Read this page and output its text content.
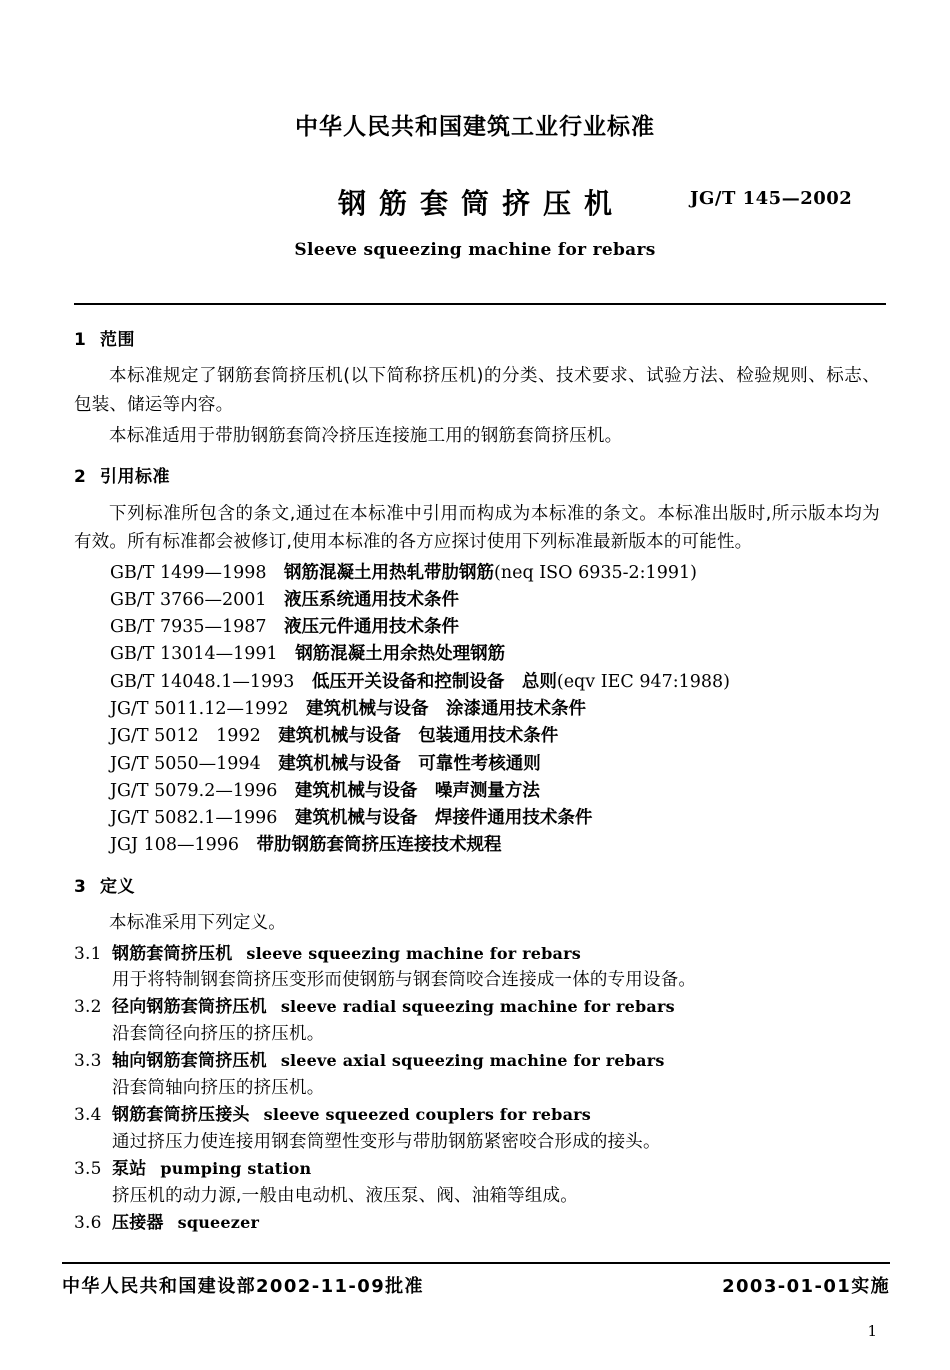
中华人民共和国建筑工业行业标准
钢筋套筒挤压机	JG/T 145—2002
Sleeve squeezing machine for rebars
1 范围

本标准规定了钢筋套筒挤压机(以下简称挤压机)的分类、技术要求、试验方法、检验规则、标志、包装、储运等内容。

本标准适用于带肋钢筋套筒冷挤压连接施工用的钢筋套筒挤压机。

2 引用标准

下列标准所包含的条文,通过在本标准中引用而构成为本标准的条文。本标准出版时,所示版本均为有效。所有标准都会被修订,使用本标准的各方应探讨使用下列标准最新版本的可能性。

GB/T 1499—1998  钢筋混凝土用热轧带肋钢筋(neq ISO 6935-2:1991)
GB/T 3766—2001  液压系统通用技术条件
GB/T 7935—1987  液压元件通用技术条件
GB/T 13014—1991  钢筋混凝土用余热处理钢筋
GB/T 14048.1—1993  低压开关设备和控制设备　总则(eqv IEC 947:1988)
JG/T 5011.12—1992  建筑机械与设备　涂漆通用技术条件
JG/T 5012　1992  建筑机械与设备　包装通用技术条件
JG/T 5050—1994  建筑机械与设备　可靠性考核通则
JG/T 5079.2—1996  建筑机械与设备　噪声测量方法
JG/T 5082.1—1996  建筑机械与设备　焊接件通用技术条件
JGJ 108—1996  带肋钢筋套筒挤压连接技术规程
3 定义

本标准采用下列定义。

3.1 钢筋套筒挤压机 sleeve squeezing machine for rebars
用于将特制钢套筒挤压变形而使钢筋与钢套筒咬合连接成一体的专用设备。
3.2 径向钢筋套筒挤压机 sleeve radial squeezing machine for rebars
沿套筒径向挤压的挤压机。
3.3 轴向钢筋套筒挤压机 sleeve axial squeezing machine for rebars
沿套筒轴向挤压的挤压机。
3.4 钢筋套筒挤压接头 sleeve squeezed couplers for rebars
通过挤压力使连接用钢套筒塑性变形与带肋钢筋紧密咬合形成的接头。
3.5 泵站 pumping station
挤压机的动力源,一般由电动机、液压泵、阀、油箱等组成。
3.6 压接器 squeezer
中华人民共和国建设部2002-11-09批准	2003-01-01实施
1
